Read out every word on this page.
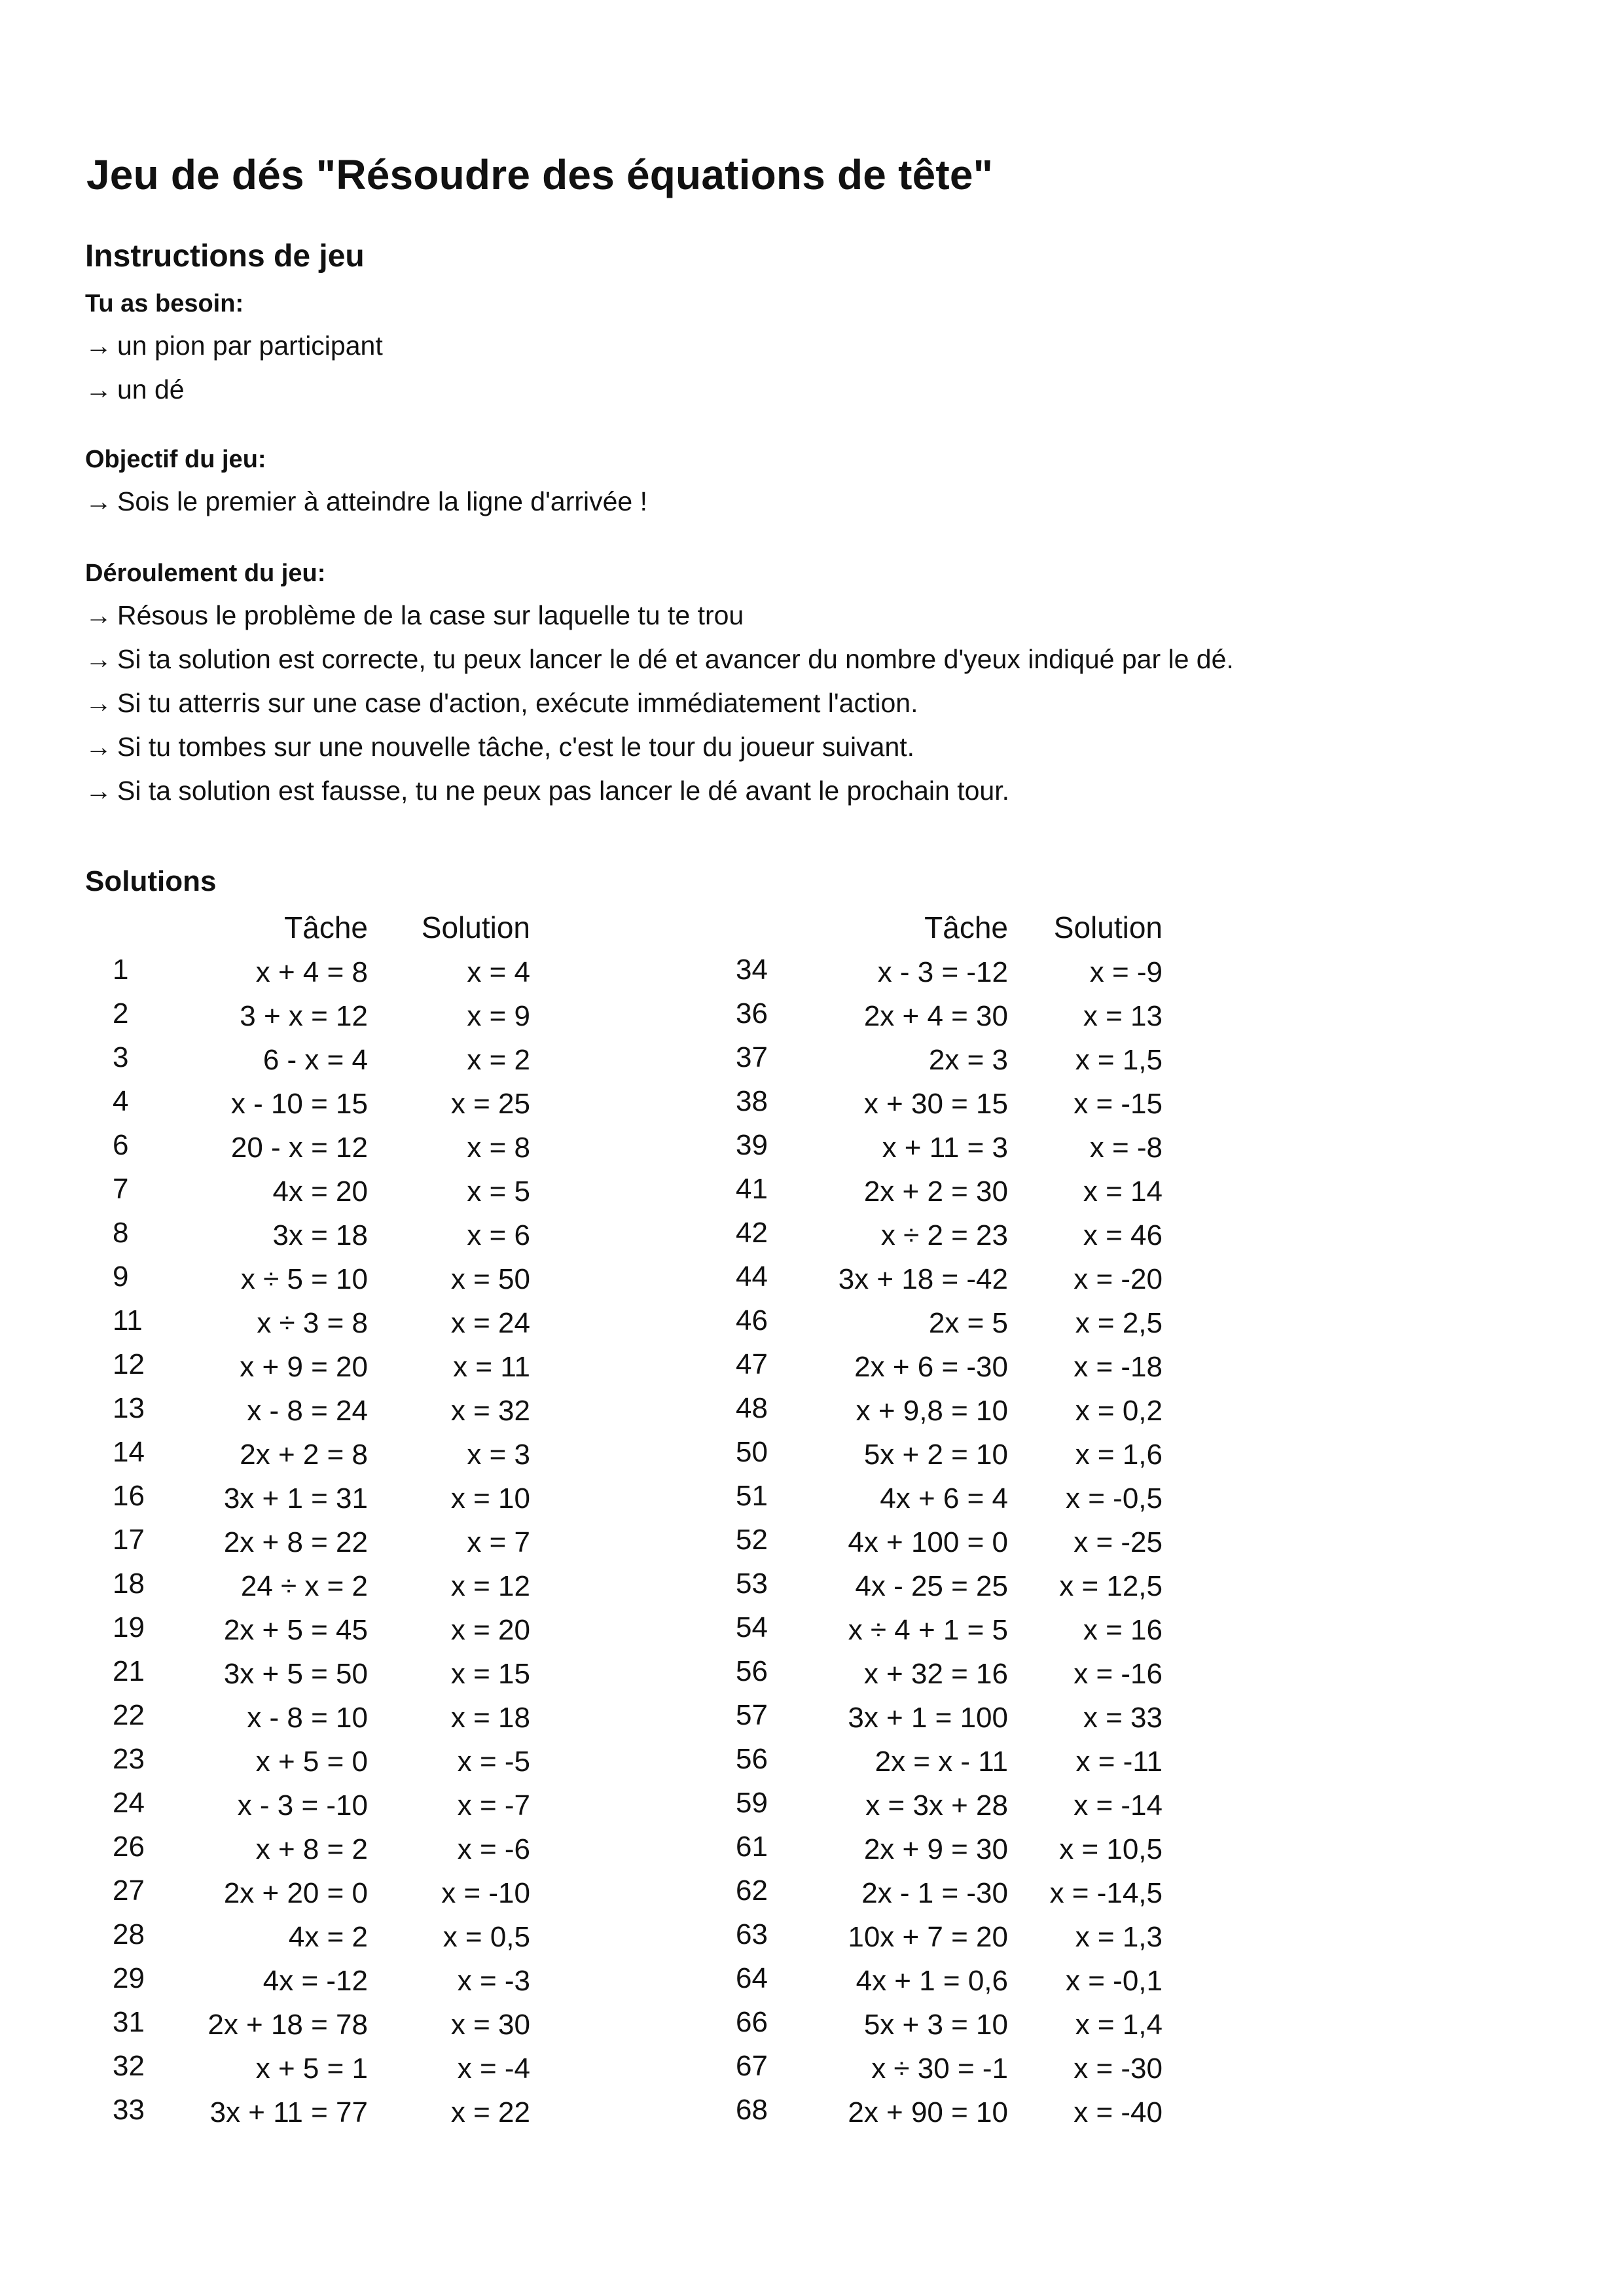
Jeu de dés "Résoudre des équations de tête"
Instructions de jeu
Tu as besoin:
→ un pion par participant
→ un dé
Objectif du jeu:
→ Sois le premier à atteindre la ligne d'arrivée !
Déroulement du jeu:
→ Résous le problème de la case sur laquelle tu te trou
→ Si ta solution est correcte, tu peux lancer le dé et avancer du nombre d'yeux indiqué par le dé.
→ Si tu atterris sur une case d'action, exécute immédiatement l'action.
→ Si tu tombes sur une nouvelle tâche, c'est le tour du joueur suivant.
→ Si ta solution est fausse, tu ne peux pas lancer le dé avant le prochain tour.
Solutions
Tâche	Solution	Tâche	Solution
1	x + 4 = 8	x = 4
2	3 + x = 12	x = 9
3	6 - x = 4	x = 2
4	x - 10 = 15	x = 25
6	20 - x = 12	x = 8
7	4x = 20	x = 5
8	3x = 18	x = 6
9	x ÷ 5 = 10	x = 50
11	x ÷ 3 = 8	x = 24
12	x + 9 = 20	x = 11
13	x - 8 = 24	x = 32
14	2x + 2 = 8	x = 3
16	3x + 1 = 31	x = 10
17	2x + 8 = 22	x = 7
18	24 ÷ x = 2	x = 12
19	2x + 5 = 45	x = 20
21	3x + 5 = 50	x = 15
22	x - 8 = 10	x = 18
23	x + 5 = 0	x = -5
24	x - 3 = -10	x = -7
26	x + 8 = 2	x = -6
27	2x + 20 = 0	x = -10
28	4x = 2	x = 0,5
29	4x = -12	x = -3
31	2x + 18 = 78	x = 30
32	x + 5 = 1	x = -4
33	3x + 11 = 77	x = 22
34	x - 3 = -12	x = -9
36	2x + 4 = 30	x = 13
37	2x = 3	x = 1,5
38	x + 30 = 15	x = -15
39	x + 11 = 3	x = -8
41	2x + 2 = 30	x = 14
42	x ÷ 2 = 23	x = 46
44	3x + 18 = -42	x = -20
46	2x = 5	x = 2,5
47	2x + 6 = -30	x = -18
48	x + 9,8 = 10	x = 0,2
50	5x + 2 = 10	x = 1,6
51	4x + 6 = 4	x = -0,5
52	4x + 100 = 0	x = -25
53	4x - 25 = 25	x = 12,5
54	x ÷ 4 + 1 = 5	x = 16
56	x + 32 = 16	x = -16
57	3x + 1 = 100	x = 33
56	2x = x - 11	x = -11
59	x = 3x + 28	x = -14
61	2x + 9 = 30	x = 10,5
62	2x - 1 = -30	x = -14,5
63	10x + 7 = 20	x = 1,3
64	4x + 1 = 0,6	x = -0,1
66	5x + 3 = 10	x = 1,4
67	x ÷ 30 = -1	x = -30
68	2x + 90 = 10	x = -40
